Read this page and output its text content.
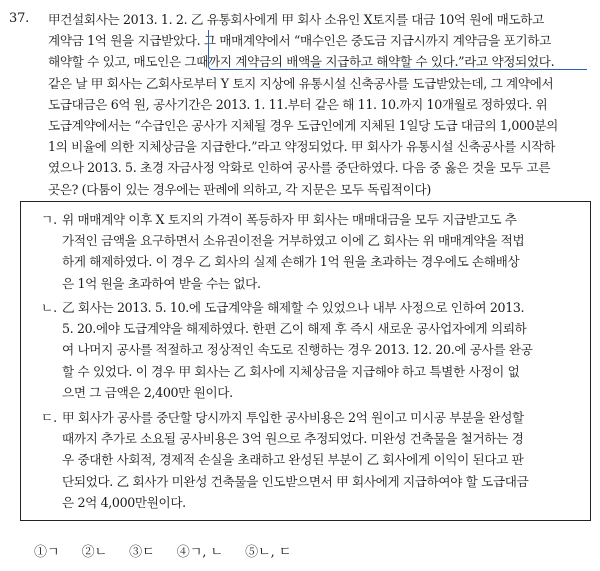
37. 甲건설회사는 2013. 1. 2. 乙 유통회사에게 甲 회사 소유인 X토지를 대금 10억 원에 매도하고
계약금 1억 원을 지급받았다. 그 매매계약에서 “매수인은 중도금 지급시까지 계약금을 포기하고
해약할 수 있고, 매도인은 그때까지 계약금의 배액을 지급하고 해약할 수 있다.”라고 약정되었다.
같은 날 甲 회사는 乙회사로부터 Y 토지 지상에 유통시설 신축공사를 도급받았는데, 그 계약에서
도급대금은 6억 원, 공사기간은 2013. 1. 11.부터 같은 해 11. 10.까지 10개월로 정하였다. 위
도급계약에서는 “수급인은 공사가 지체될 경우 도급인에게 지체된 1일당 도급 대금의 1,000분의
1의 비율에 의한 지체상금을 지급한다.”라고 약정되었다. 甲 회사가 유통시설 신축공사를 시작하
였으나 2013. 5. 초경 자금사정 악화로 인하여 공사를 중단하였다. 다음 중 옳은 것을 모두 고른
곳은? (다툼이 있는 경우에는 판례에 의하고, 각 지문은 모두 독립적이다)
ㄱ. 위 매매계약 이후 X 토지의 가격이 폭등하자 甲 회사는 매매대금을 모두 지급받고도 추
가적인 금액을 요구하면서 소유권이전을 거부하였고 이에 乙 회사는 위 매매계약을 적법
하게 해제하였다. 이 경우 乙 회사의 실제 손해가 1억 원을 초과하는 경우에도 손해배상
은 1억 원을 초과하여 받을 수는 없다.
ㄴ. 乙 회사는 2013. 5. 10.에 도급계약을 해제할 수 있었으나 내부 사정으로 인하여 2013.
5. 20.에야 도급계약을 해제하였다. 한편 乙이 해제 후 즉시 새로운 공사업자에게 의뢰하
여 나머지 공사를 적절하고 정상적인 속도로 진행하는 경우 2013. 12. 20.에 공사를 완공
할 수 있었다. 이 경우 甲 회사는 乙 회사에 지체상금을 지급해야 하고 특별한 사정이 없
으면 그 금액은 2,400만 원이다.
ㄷ. 甲 회사가 공사를 중단할 당시까지 투입한 공사비용은 2억 원이고 미시공 부분을 완성할
때까지 추가로 소요될 공사비용은 3억 원으로 추정되었다. 미완성 건축물을 철거하는 경
우 중대한 사회적, 경제적 손실을 초래하고 완성된 부분이 乙 회사에게 이익이 된다고 판
단되었다. 乙 회사가 미완성 건축물을 인도받으면서 甲 회사에게 지급하여야 할 도급대금
은 2억 4,000만원이다.
①ㄱ ②ㄴ ③ㄷ ④ㄱ, ㄴ ⑤ㄴ, ㄷ
